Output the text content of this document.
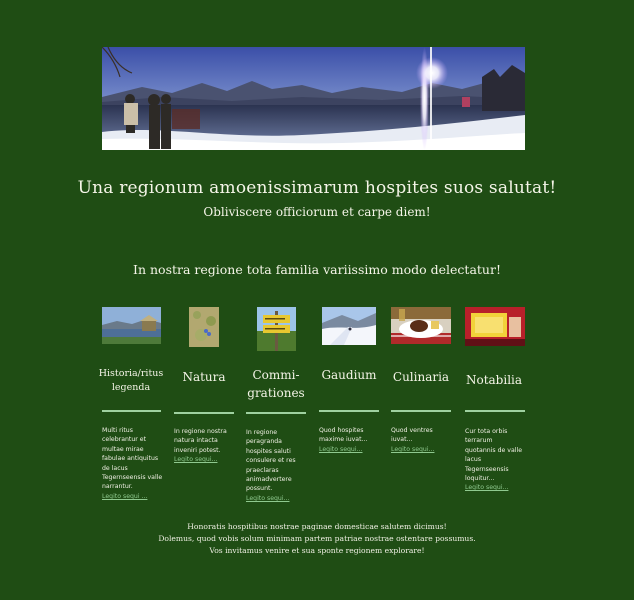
Una regionum amoenissimarum hospites suos salutat!
Obliviscere officiorum et carpe diem!
In nostra regione tota familia variissimo modo delectatur!
Historia/ritus
legenda
Multi ritus celebrantur et multae mirae fabulae antiquitus de lacus Tegernseensis valle narrantur.
Legito sequi ...
Natura
In regione nostra natura intacta inveniri potest.
Legito sequi...
Commi-
grationes
In regione peragranda hospites saluti consulere et res praeclaras animadvertere possunt.
Legito sequi...
Gaudium
Quod hospites maxime iuvat...
Legito sequi...
Culinaria
Quod ventres iuvat...
Legito sequi...
Notabilia
Cur tota orbis terrarum quotannis de valle lacus Tegernseensis loquitur...
Legito sequi...
Honoratis hospitibus nostrae paginae domesticae salutem dicimus!
Dolemus, quod vobis solum minimam partem patriae nostrae ostentare possumus.
Vos invitamus venire et sua sponte regionem explorare!
